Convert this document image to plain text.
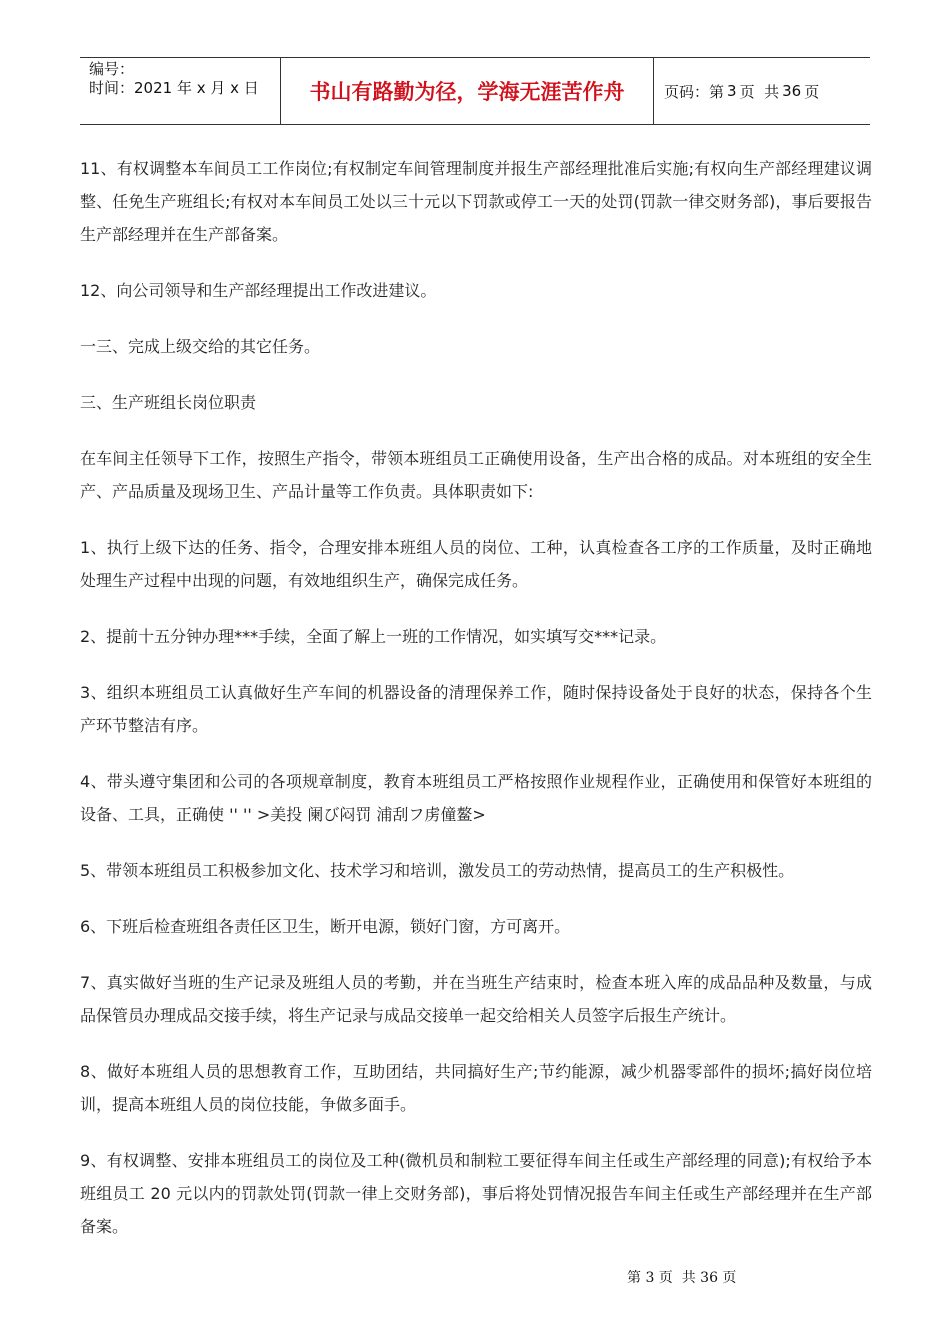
编号：
时间：2021 年 x 月 x 日	书山有路勤为径，学海无涯苦作舟	页码：第 3 页  共 36 页

11、有权调整本车间员工工作岗位;有权制定车间管理制度并报生产部经理批准后实施;有权向生产部经理建议调整、任免生产班组长;有权对本车间员工处以三十元以下罚款或停工一天的处罚(罚款一律交财务部)，事后要报告生产部经理并在生产部备案。

12、向公司领导和生产部经理提出工作改进建议。

一三、完成上级交给的其它任务。

三、生产班组长岗位职责

在车间主任领导下工作，按照生产指令，带领本班组员工正确使用设备，生产出合格的成品。对本班组的安全生产、产品质量及现场卫生、产品计量等工作负责。具体职责如下:

1、执行上级下达的任务、指令，合理安排本班组人员的岗位、工种，认真检查各工序的工作质量，及时正确地处理生产过程中出现的问题，有效地组织生产，确保完成任务。

2、提前十五分钟办理***手续，全面了解上一班的工作情况，如实填写交***记录。

3、组织本班组员工认真做好生产车间的机器设备的清理保养工作，随时保持设备处于良好的状态，保持各个生产环节整洁有序。

4、带头遵守集团和公司的各项规章制度，教育本班组员工严格按照作业规程作业，正确使用和保管好本班组的设备、工具，正确使 '' '' >美投 阑び闷罚 浦刮フ虏僮鳌>

5、带领本班组员工积极参加文化、技术学习和培训，激发员工的劳动热情，提高员工的生产积极性。

6、下班后检查班组各责任区卫生，断开电源，锁好门窗，方可离开。

7、真实做好当班的生产记录及班组人员的考勤，并在当班生产结束时，检查本班入库的成品品种及数量，与成品保管员办理成品交接手续，将生产记录与成品交接单一起交给相关人员签字后报生产统计。

8、做好本班组人员的思想教育工作，互助团结，共同搞好生产;节约能源，减少机器零部件的损坏;搞好岗位培训，提高本班组人员的岗位技能，争做多面手。

9、有权调整、安排本班组员工的岗位及工种(微机员和制粒工要征得车间主任或生产部经理的同意);有权给予本班组员工 20 元以内的罚款处罚(罚款一律上交财务部)，事后将处罚情况报告车间主任或生产部经理并在生产部备案。

第 3 页  共 36 页
